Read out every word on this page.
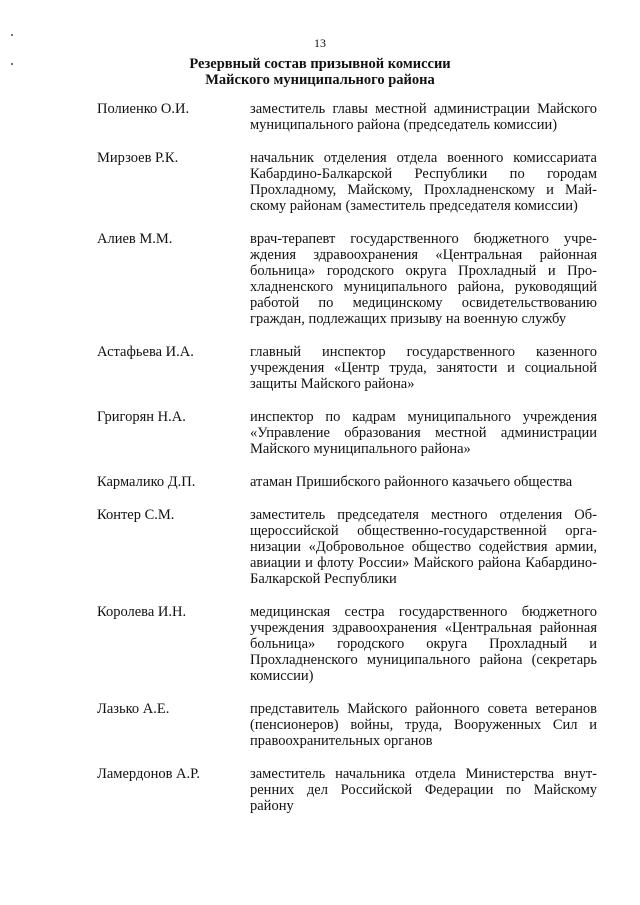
13
Резервный состав призывной комиссии
Майского муниципального района
Полиенко О.И.	заместитель главы местной администрации Майского муниципального района (председатель комиссии)
Мирзоев Р.К.	начальник отделения отдела военного комиссариата Кабардино-Балкарской Республики по городам Прохладному, Майскому, Прохладненскому и Майскому районам (заместитель председателя комиссии)
Алиев М.М.	врач-терапевт государственного бюджетного учреждения здравоохранения «Центральная районная больница» городского округа Прохладный и Прохладненского муниципального района, руководящий работой по медицинскому освидетельствованию граждан, подлежащих призыву на военную службу
Астафьева И.А.	главный инспектор государственного казенного учреждения «Центр труда, занятости и социальной защиты Майского района»
Григорян Н.А.	инспектор по кадрам муниципального учреждения «Управление образования местной администрации Майского муниципального района»
Кармалико Д.П.	атаман Пришибского районного казачьего общества
Контер С.М.	заместитель председателя местного отделения Общероссийской общественно-государственной организации «Добровольное общество содействия армии, авиации и флоту России» Майского района Кабардино-Балкарской Республики
Королева И.Н.	медицинская сестра государственного бюджетного учреждения здравоохранения «Центральная районная больница» городского округа Прохладный и Прохладненского муниципального района (секретарь комиссии)
Лазько А.Е.	представитель Майского районного совета ветеранов (пенсионеров) войны, труда, Вооруженных Сил и правоохранительных органов
Ламердонов А.Р.	заместитель начальника отдела Министерства внутренних дел Российской Федерации по Майскому району
